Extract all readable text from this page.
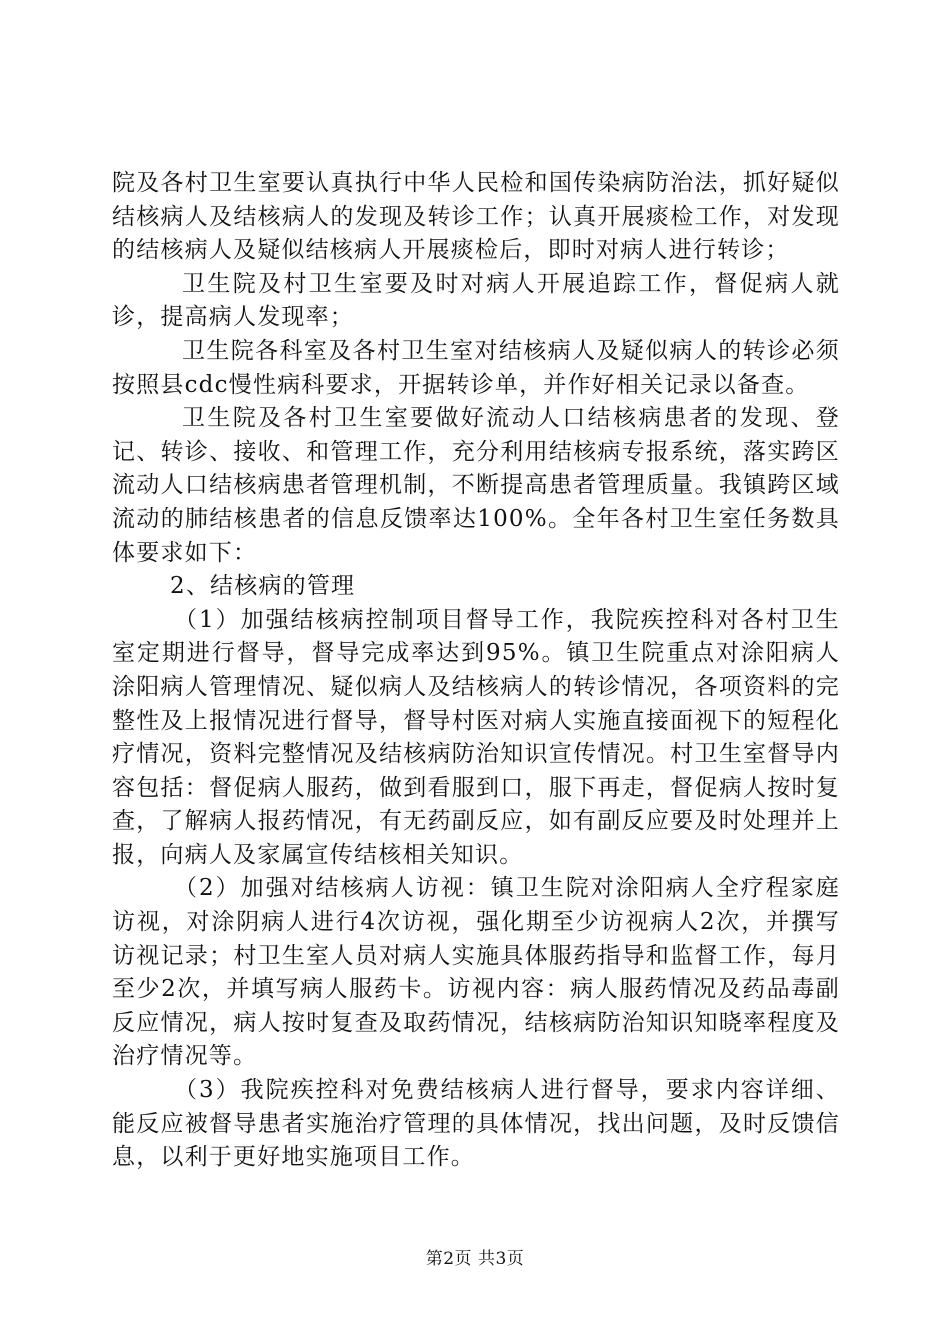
院及各村卫生室要认真执行中华人民检和国传染病防治法，抓好疑似结核病人及结核病人的发现及转诊工作；认真开展痰检工作，对发现的结核病人及疑似结核病人开展痰检后，即时对病人进行转诊；

卫生院及村卫生室要及时对病人开展追踪工作，督促病人就诊，提高病人发现率；

卫生院各科室及各村卫生室对结核病人及疑似病人的转诊必须按照县cdc慢性病科要求，开据转诊单，并作好相关记录以备查。

卫生院及各村卫生室要做好流动人口结核病患者的发现、登记、转诊、接收、和管理工作，充分利用结核病专报系统，落实跨区流动人口结核病患者管理机制，不断提高患者管理质量。我镇跨区域流动的肺结核患者的信息反馈率达100%。全年各村卫生室任务数具体要求如下：

2、结核病的管理

（1）加强结核病控制项目督导工作，我院疾控科对各村卫生室定期进行督导，督导完成率达到95%。镇卫生院重点对涂阳病人涂阳病人管理情况、疑似病人及结核病人的转诊情况，各项资料的完整性及上报情况进行督导，督导村医对病人实施直接面视下的短程化疗情况，资料完整情况及结核病防治知识宣传情况。村卫生室督导内容包括：督促病人服药，做到看服到口，服下再走，督促病人按时复查，了解病人报药情况，有无药副反应，如有副反应要及时处理并上报，向病人及家属宣传结核相关知识。

（2）加强对结核病人访视：镇卫生院对涂阳病人全疗程家庭访视，对涂阴病人进行4次访视，强化期至少访视病人2次，并撰写访视记录；村卫生室人员对病人实施具体服药指导和监督工作，每月至少2次，并填写病人服药卡。访视内容：病人服药情况及药品毒副反应情况，病人按时复查及取药情况，结核病防治知识知晓率程度及治疗情况等。

（3）我院疾控科对免费结核病人进行督导，要求内容详细、能反应被督导患者实施治疗管理的具体情况，找出问题，及时反馈信息，以利于更好地实施项目工作。

第2页 共3页
